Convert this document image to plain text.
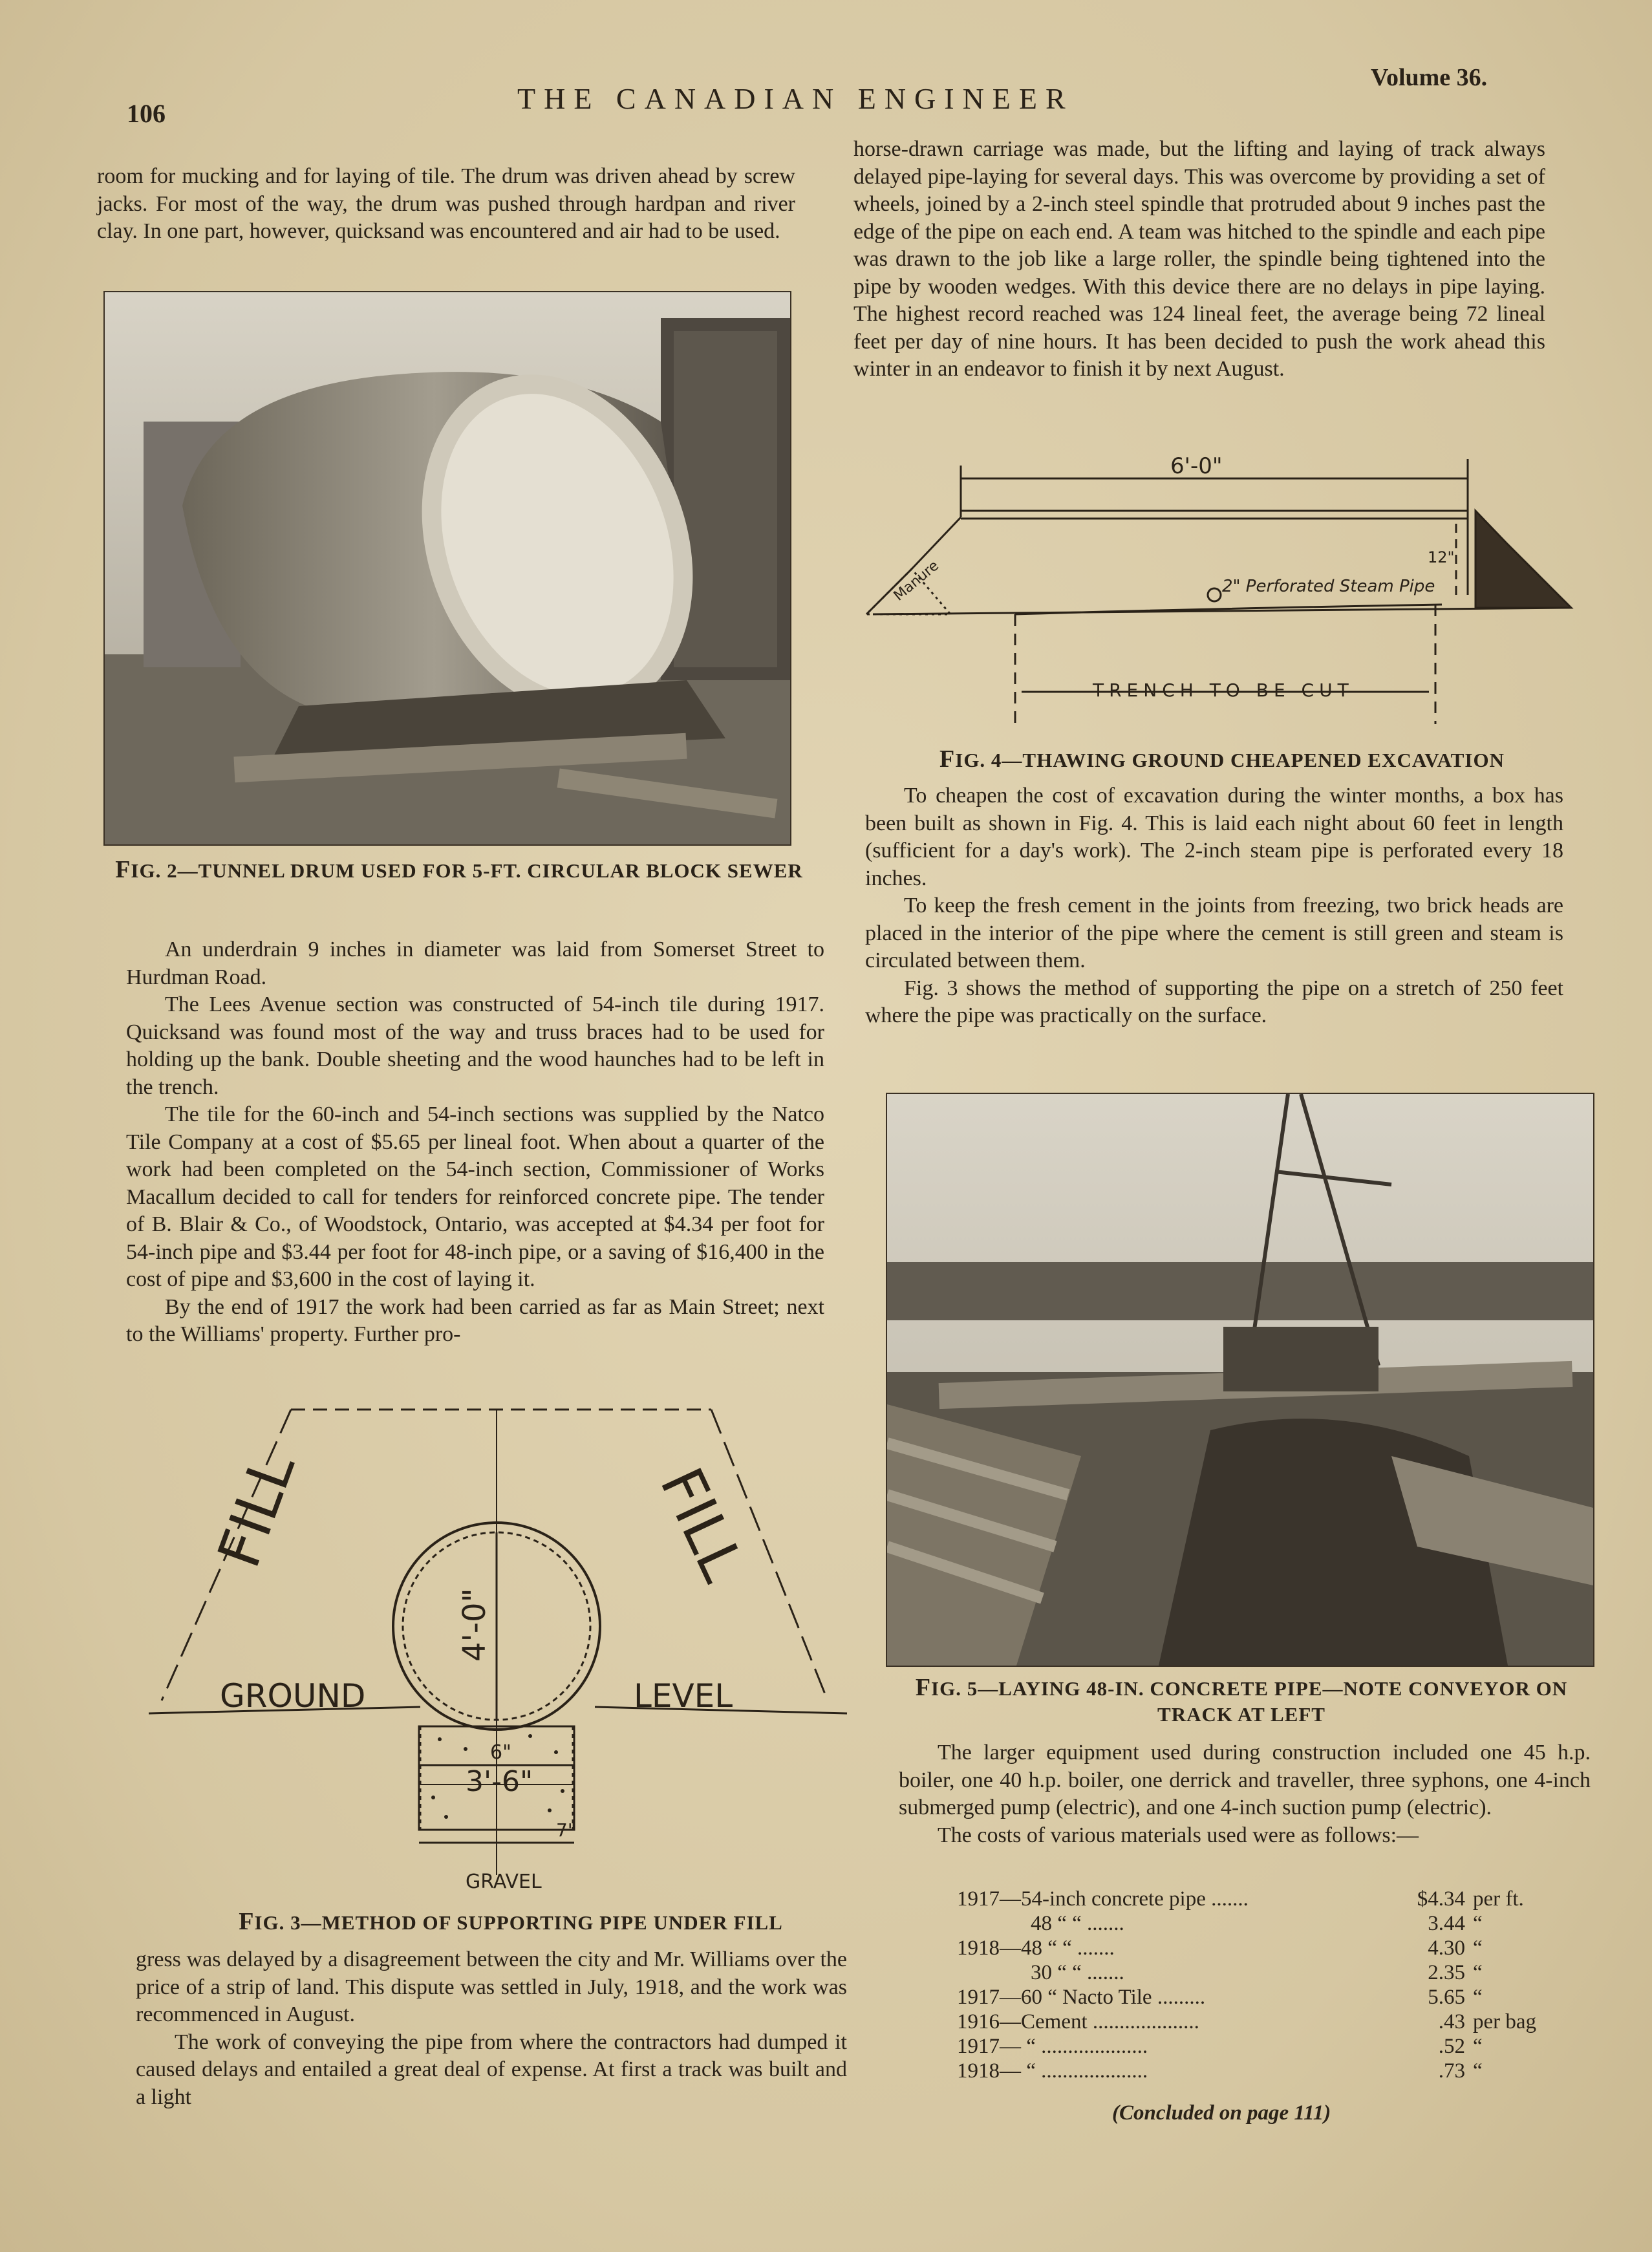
106	THE CANADIAN ENGINEER
Volume 36.

room for mucking and for laying of tile. The drum was driven ahead by screw jacks. For most of the way, the drum was pushed through hardpan and river clay. In one part, however, quicksand was encountered and air had to be used.

FIG. 2—TUNNEL DRUM USED FOR 5-FT. CIRCULAR BLOCK SEWER

An underdrain 9 inches in diameter was laid from Somerset Street to Hurdman Road.

The Lees Avenue section was constructed of 54-inch tile during 1917. Quicksand was found most of the way and truss braces had to be used for holding up the bank. Double sheeting and the wood haunches had to be left in the trench.

The tile for the 60-inch and 54-inch sections was supplied by the Natco Tile Company at a cost of $5.65 per lineal foot. When about a quarter of the work had been completed on the 54-inch section, Commissioner of Works Macallum decided to call for tenders for reinforced concrete pipe. The tender of B. Blair & Co., of Woodstock, Ontario, was accepted at $4.34 per foot for 54-inch pipe and $3.44 per foot for 48-inch pipe, or a saving of $16,400 in the cost of pipe and $3,600 in the cost of laying it.

By the end of 1917 the work had been carried as far as Main Street; next to the Williams' property. Further pro-

FILL	FILL
4'-0"
GROUND	LEVEL
3'-6"
6"
7"
GRAVEL
FIG. 3—METHOD OF SUPPORTING PIPE UNDER FILL

gress was delayed by a disagreement between the city and Mr. Williams over the price of a strip of land. This dispute was settled in July, 1918, and the work was recommenced in August.

The work of conveying the pipe from where the contractors had dumped it caused delays and entailed a great deal of expense. At first a track was built and a light

horse-drawn carriage was made, but the lifting and laying of track always delayed pipe-laying for several days. This was overcome by providing a set of wheels, joined by a 2-inch steel spindle that protruded about 9 inches past the edge of the pipe on each end. A team was hitched to the spindle and each pipe was drawn to the job like a large roller, the spindle being tightened into the pipe by wooden wedges. With this device there are no delays in pipe laying. The highest record reached was 124 lineal feet, the average being 72 lineal feet per day of nine hours. It has been decided to push the work ahead this winter in an endeavor to finish it by next August.

6'-0"
12"
2" Perforated Steam Pipe
Manure
TRENCH TO BE CUT
FIG. 4—THAWING GROUND CHEAPENED EXCAVATION

To cheapen the cost of excavation during the winter months, a box has been built as shown in Fig. 4. This is laid each night about 60 feet in length (sufficient for a day's work). The 2-inch steam pipe is perforated every 18 inches.

To keep the fresh cement in the joints from freezing, two brick heads are placed in the interior of the pipe where the cement is still green and steam is circulated between them.

Fig. 3 shows the method of supporting the pipe on a stretch of 250 feet where the pipe was practically on the surface.

FIG. 5—LAYING 48-IN. CONCRETE PIPE—NOTE CONVEYOR ON TRACK AT LEFT

The larger equipment used during construction included one 45 h.p. boiler, one 40 h.p. boiler, one derrick and traveller, three syphons, one 4-inch submerged pump (electric), and one 4-inch suction pump (electric).

The costs of various materials used were as follows:—

1917—54-inch concrete pipe .......	$4.34	per ft.
48 “ “ .......	3.44	“
1918—48 “ “ .......	4.30	“
30 “ “ .......	2.35	“
1917—60 “ Nacto Tile .........	5.65	“
1916—Cement ....................	.43	per bag
1917— “ ....................	.52	“
1918— “ ....................	.73	“
(Concluded on page 111)
